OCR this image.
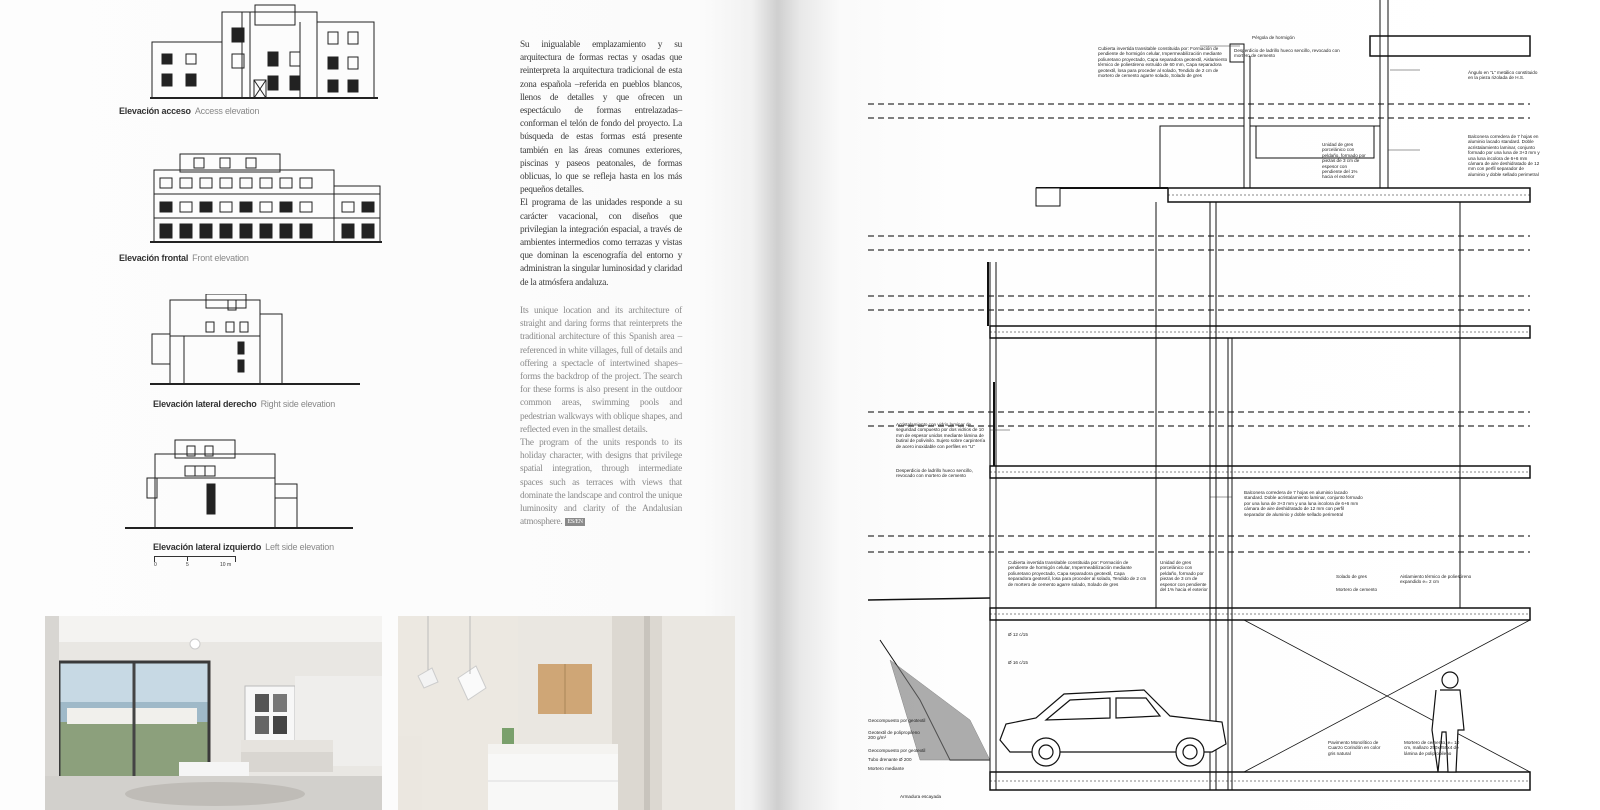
Elevación acceso Access elevation
Elevación frontal Front elevation
Elevación lateral derecho Right side elevation
Elevación lateral izquierdo Left side elevation
0	5	10 m

Su inigualable emplazamiento y su arquitectura de formas rectas y osadas que reinterpreta la arquitectura tradicional de esta zona española –referida en pueblos blancos, llenos de detalles y que ofrecen un espectáculo de formas entrelazadas– conforman el telón de fondo del proyecto. La búsqueda de estas formas está presente también en las áreas comunes exteriores, piscinas y paseos peatonales, de formas oblicuas, lo que se refleja hasta en los más pequeños detalles.

El programa de las unidades responde a su carácter vacacional, con diseños que privilegian la integración espacial, a través de ambientes intermedios como terrazas y vistas que dominan la escenografía del entorno y administran la singular luminosidad y claridad de la atmósfera andaluza.

Its unique location and its architecture of straight and daring forms that reinterprets the traditional architecture of this Spanish area –referenced in white villages, full of details and offering a spectacle of intertwined shapes– forms the backdrop of the project. The search for these forms is also present in the outdoor common areas, swimming pools and pedestrian walkways with oblique shapes, and reflected even in the smallest details.

The program of the units responds to its holiday character, with designs that privilege spatial integration, through intermediate spaces such as terraces with views that dominate the landscape and control the unique luminosity and clarity of the Andalusian atmosphere. ES/EN

Pérgola de hormigón
Cubierta invertida transitable constituida por: Formación de pendiente de hormigón celular, Impermeabilización mediante poliuretano proyectado, Capa separadora geotextil, Aislamiento térmico de poliestireno extruido de 60 mm, Capa separadora geotextil, losa para proceder al solado, Tendido de 2 cm de mortero de cemento agarre solado, Solado de gres
Desperdicio de ladrillo hueco sencillo, revocado con mortero de cemento
Ángulo en "L" metálico constituido en la pieza rizolada de H.S.
Unidad de gres porcelánico con peldaño, formado por piezas de 3 cm de espesor con pendiente del 1% hacia el exterior
Balconera corredera de 7 hojas en aluminio lacado standard. Doble acristalamiento laminar, conjunto formado por una luna de 3+3 mm y una luna incolora de 6+6 mm cámara de aire deshidratado de 12 mm con perfil separador de aluminio y doble sellado perimetral
Acristalamiento con vidrio laminar de seguridad compuesto por dos vidrios de 10 mm de espesor unidos mediante lámina de butiral de polivinilo. Sujeto sobre carpintería de acero inoxidable con perfiles en "U"
Desperdicio de ladrillo hueco sencillo, revocado con mortero de cemento
Balconera corredera de 7 hojas en aluminio lacado standard. Doble acristalamiento laminar, conjunto formado por una luna de 3+3 mm y una luna incolora de 6+6 mm cámara de aire deshidratado de 12 mm con perfil separador de aluminio y doble sellado perimetral
Cubierta invertida transitable constituida por: Formación de pendiente de hormigón celular, Impermeabilización mediante poliuretano proyectado, Capa separadora geotextil, Capa separadora geotextil, losa para proceder al solado, Tendido de 2 cm de mortero de cemento agarre solado, Solado de gres
Unidad de gres porcelánico con peldaño, formado por piezas de 3 cm de espesor con pendiente del 1% hacia el exterior
Solado de gres
Mortero de cemento
Aislamiento térmico de poliestireno expandido e= 2 cm
Ø 12 c/15
Ø 16 c/15
Geocompuesto por geotextil
Geotextil de polipropileno 200 g/m²
Geocompuesto por geotextil
Tubo drenante Ø 200
Mortero mediante
Armadura escayada
Pavimento Monolítico de Cuarzo Corindón en color gris natural
Mortero de cemento, e= 10 cm, mallazo 250x250x4 de lámina de polipropileno
